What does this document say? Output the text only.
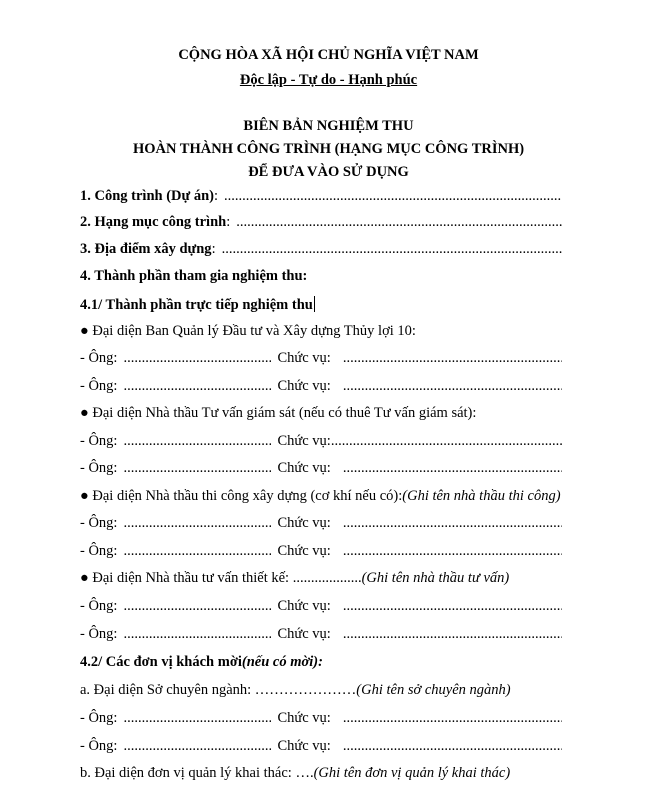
CỘNG HÒA XÃ HỘI CHỦ NGHĨA VIỆT NAM
Độc lập - Tự do - Hạnh phúc
BIÊN BẢN NGHIỆM THU
HOÀN THÀNH CÔNG TRÌNH (HẠNG MỤC CÔNG TRÌNH)
ĐỂ ĐƯA VÀO SỬ DỤNG
1. Công trình (Dự án) :
.....
2. Hạng mục công trình :
.....
3. Địa điểm xây dựng :
.....
4. Thành phần tham gia nghiệm thu:
4.1/ Thành phần trực tiếp nghiệm thu
● Đại diện Ban Quản lý Đầu tư và Xây dựng Thủy lợi 10:
- Ông: .....	Chức vụ:
.....
- Ông: .....	Chức vụ:
.....
● Đại diện Nhà thầu Tư vấn giám sát (nếu có thuê Tư vấn giám sát):
- Ông: .....	Chức vụ:
.....
- Ông: .....	Chức vụ:
.....
● Đại diện Nhà thầu thi công xây dựng (cơ khí nếu có): (Ghi tên nhà thầu thi công)
- Ông: .....	Chức vụ:
.....
- Ông: .....	Chức vụ:
.....
● Đại diện Nhà thầu tư vấn thiết kế: ................... (Ghi tên nhà thầu tư vấn)
- Ông: .....	Chức vụ:
.....
- Ông: .....	Chức vụ:
.....
4.2/ Các đơn vị khách mời (nếu có mời):
a. Đại diện Sở chuyên ngành: ………………… (Ghi tên sở chuyên ngành)
- Ông: .....	Chức vụ:
.....
- Ông: .....	Chức vụ:
.....
b. Đại diện đơn vị quản lý khai thác: …. (Ghi tên đơn vị quản lý khai thác)
